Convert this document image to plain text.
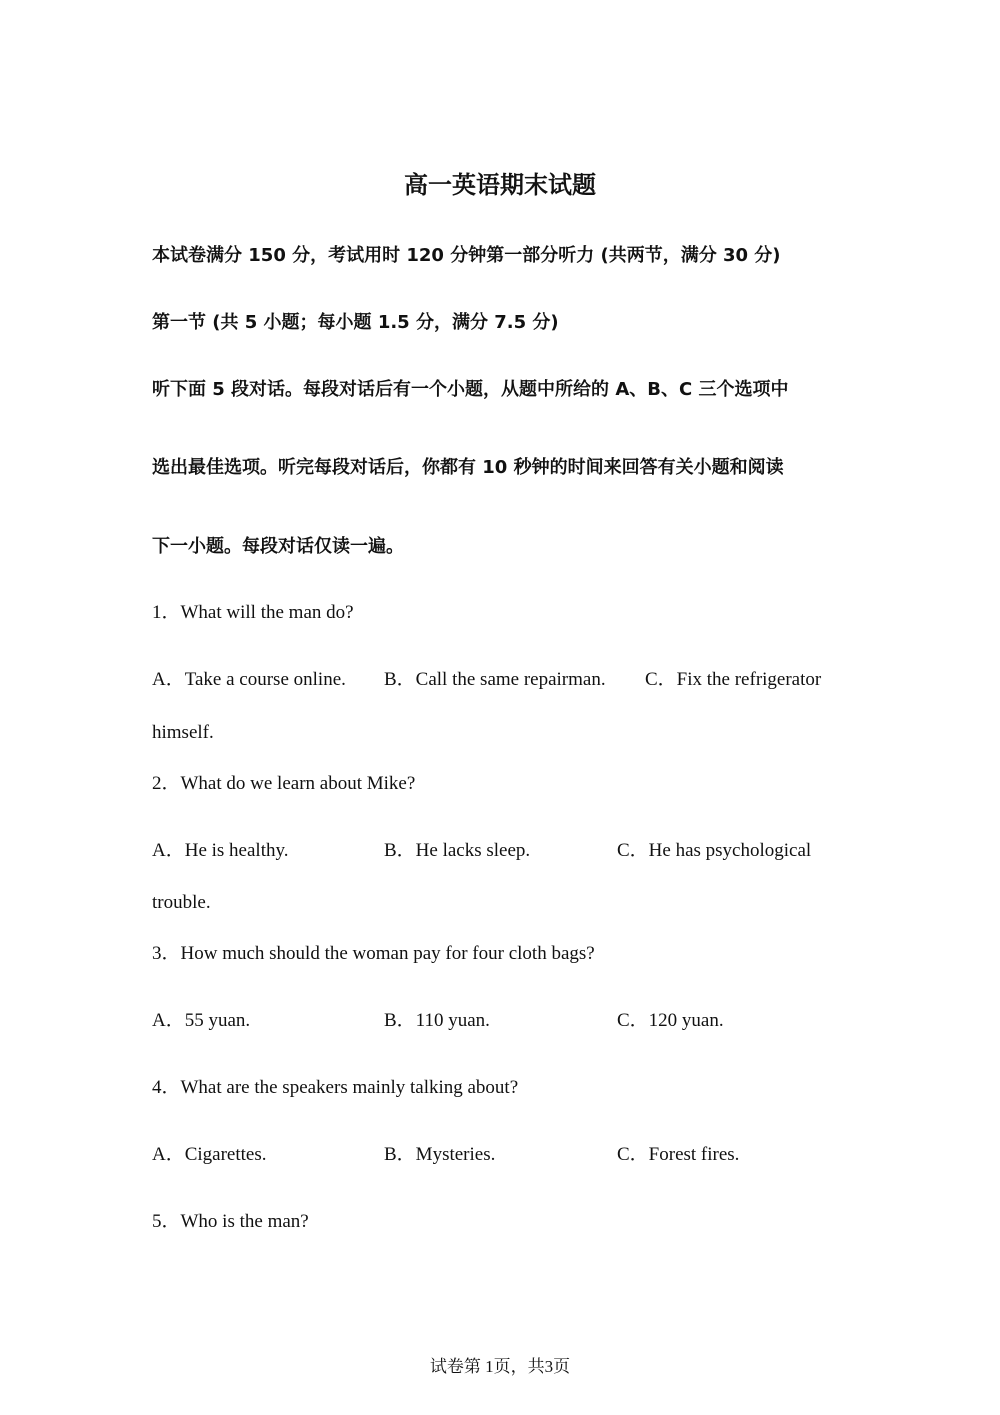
高一英语期末试题
本试卷满分 150 分，考试用时 120 分钟第一部分听力 (共两节，满分 30 分)
第一节 (共 5 小题；每小题 1.5 分，满分 7.5 分)
听下面 5 段对话。每段对话后有一个小题，从题中所给的 A、B、C 三个选项中
选出最佳选项。听完每段对话后，你都有 10 秒钟的时间来回答有关小题和阅读
下一小题。每段对话仅读一遍。
1．What will the man do?
A．Take a course online. B．Call the same repairman. C．Fix the refrigerator
himself.
2．What do we learn about Mike?
A．He is healthy.	B．He lacks sleep.	C．He has psychological
trouble.
3．How much should the woman pay for four cloth bags?
A．55 yuan.	B．110 yuan.	C．120 yuan.
4．What are the speakers mainly talking about?
A．Cigarettes.	B．Mysteries.	C．Forest fires.
5．Who is the man?
试卷第 1页，共3页
